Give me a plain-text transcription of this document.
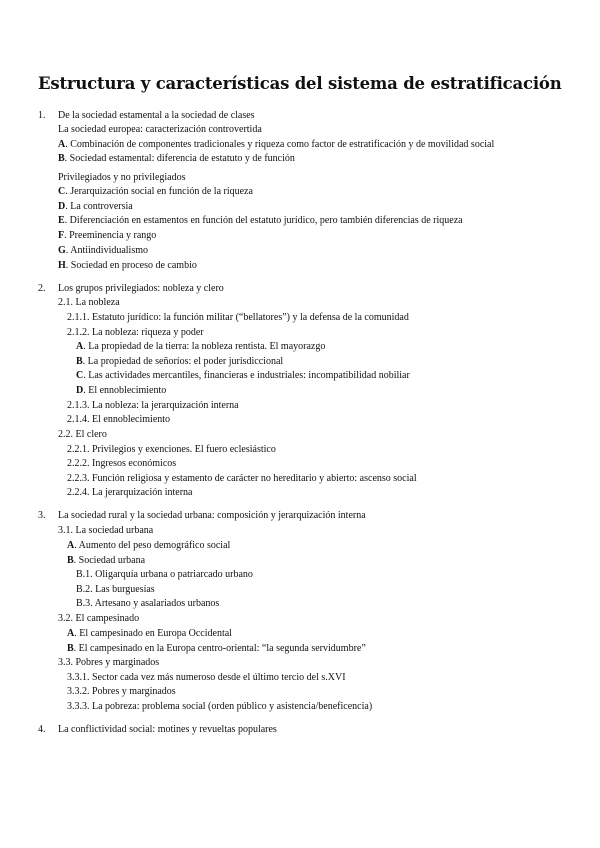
Estructura y características del sistema de estratificación
1. De la sociedad estamental a la sociedad de clases
La sociedad europea: caracterización controvertida
A. Combinación de componentes tradicionales y riqueza como factor de estratificación y de movilidad social
B. Sociedad estamental: diferencia de estatuto y de función
Privilegiados y no privilegiados
C. Jerarquización social en función de la riqueza
D. La controversia
E. Diferenciación en estamentos en función del estatuto jurídico, pero también diferencias de riqueza
F. Preeminencia y rango
G. Antiindividualismo
H. Sociedad en proceso de cambio
2. Los grupos privilegiados: nobleza y clero
2.1. La nobleza
2.1.1. Estatuto jurídico: la función militar (“bellatores”) y la defensa de la comunidad
2.1.2. La nobleza: riqueza y poder
A. La propiedad de la tierra: la nobleza rentista. El mayorazgo
B. La propiedad de señoríos: el poder jurisdiccional
C. Las actividades mercantiles, financieras e industriales: incompatibilidad nobiliar
D. El ennoblecimiento
2.1.3. La nobleza: la jerarquización interna
2.1.4. El ennoblecimiento
2.2. El clero
2.2.1. Privilegios y exenciones. El fuero eclesiástico
2.2.2. Ingresos económicos
2.2.3. Función religiosa y estamento de carácter no hereditario y abierto: ascenso social
2.2.4. La jerarquización interna
3. La sociedad rural y la sociedad urbana: composición y jerarquización interna
3.1. La sociedad urbana
A. Aumento del peso demográfico social
B. Sociedad urbana
B.1. Oligarquía urbana o patriarcado urbano
B.2. Las burguesías
B.3. Artesano y asalariados urbanos
3.2. El campesinado
A. El campesinado en Europa Occidental
B. El campesinado en la Europa centro-oriental: “la segunda servidumbre”
3.3. Pobres y marginados
3.3.1. Sector cada vez más numeroso desde el último tercio del s.XVI
3.3.2. Pobres y marginados
3.3.3. La pobreza: problema social (orden público y asistencia/beneficencia)
4. La conflictividad social: motines y revueltas populares
